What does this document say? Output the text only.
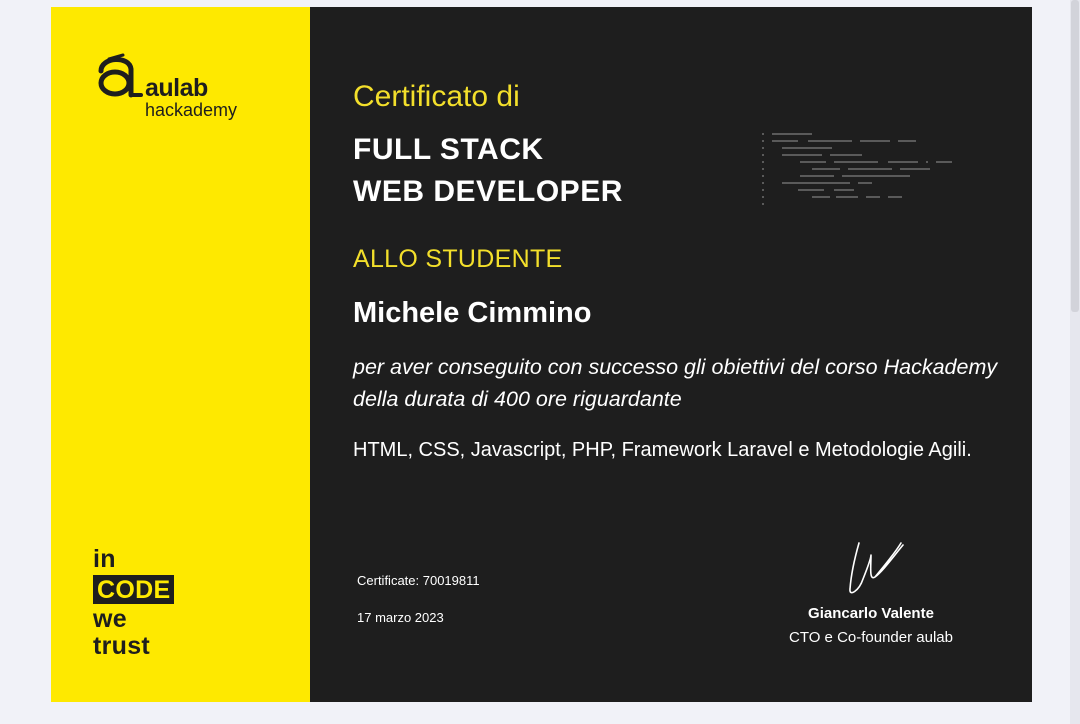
aulab
hackademy
in
CODE
we
trust
Certificato di
FULL STACK
WEB DEVELOPER
ALLO STUDENTE
Michele Cimmino
per aver conseguito con successo gli obiettivi del corso Hackademy della durata di 400 ore riguardante
HTML, CSS, Javascript, PHP, Framework Laravel e Metodologie Agili.
Certificate: 70019811
17 marzo 2023	Giancarlo Valente
CTO e Co-founder aulab
